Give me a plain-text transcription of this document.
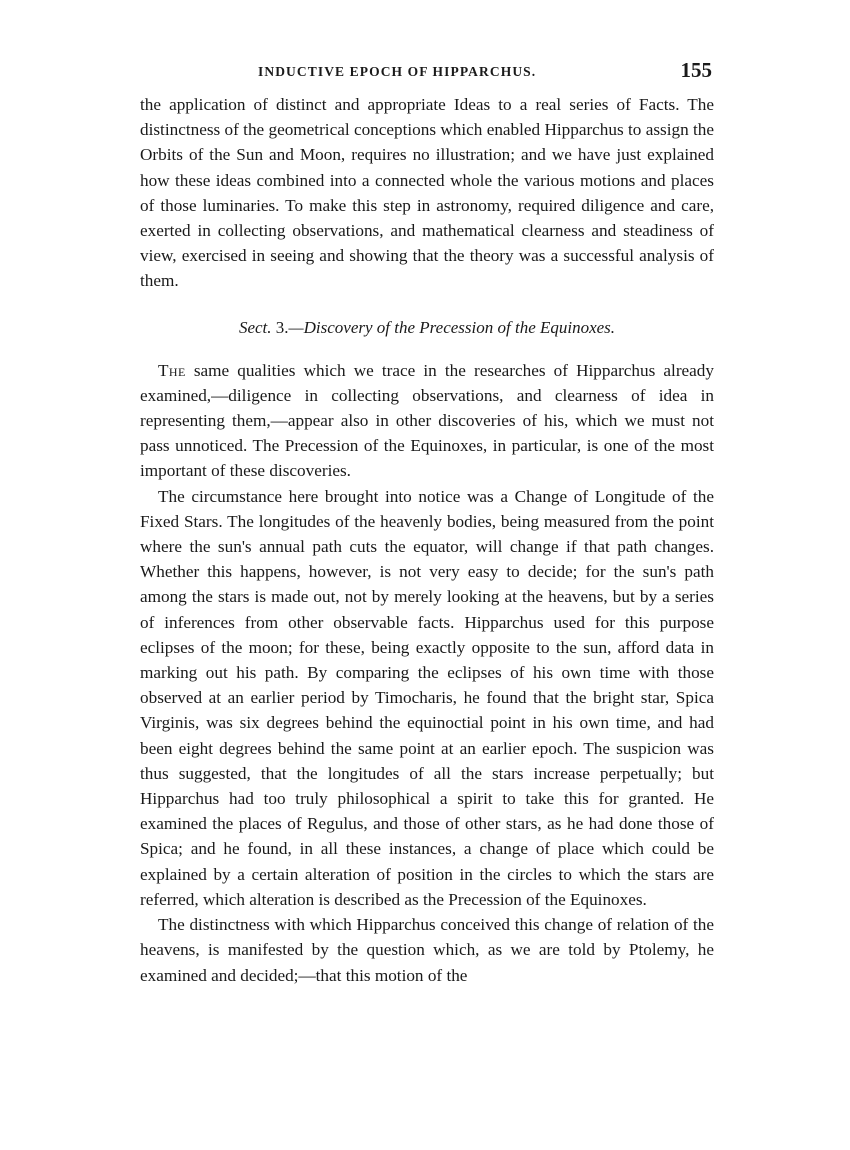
INDUCTIVE EPOCH OF HIPPARCHUS.	155

the application of distinct and appropriate Ideas to a real series of Facts. The distinctness of the geometrical conceptions which enabled Hipparchus to assign the Orbits of the Sun and Moon, requires no illustration; and we have just explained how these ideas combined into a connected whole the various motions and places of those luminaries. To make this step in astronomy, required diligence and care, exerted in collecting observations, and mathematical clearness and steadiness of view, exercised in seeing and showing that the theory was a successful analysis of them.

Sect. 3.—Discovery of the Precession of the Equinoxes.

The same qualities which we trace in the researches of Hipparchus already examined,—diligence in collecting observations, and clearness of idea in representing them,—appear also in other discoveries of his, which we must not pass unnoticed. The Precession of the Equinoxes, in particular, is one of the most important of these discoveries.

The circumstance here brought into notice was a Change of Longitude of the Fixed Stars. The longitudes of the heavenly bodies, being measured from the point where the sun's annual path cuts the equator, will change if that path changes. Whether this happens, however, is not very easy to decide; for the sun's path among the stars is made out, not by merely looking at the heavens, but by a series of inferences from other observable facts. Hipparchus used for this purpose eclipses of the moon; for these, being exactly opposite to the sun, afford data in marking out his path. By comparing the eclipses of his own time with those observed at an earlier period by Timocharis, he found that the bright star, Spica Virginis, was six degrees behind the equinoctial point in his own time, and had been eight degrees behind the same point at an earlier epoch. The suspicion was thus suggested, that the longitudes of all the stars increase perpetually; but Hipparchus had too truly philosophical a spirit to take this for granted. He examined the places of Regulus, and those of other stars, as he had done those of Spica; and he found, in all these instances, a change of place which could be explained by a certain alteration of position in the circles to which the stars are referred, which alteration is described as the Precession of the Equinoxes.

The distinctness with which Hipparchus conceived this change of relation of the heavens, is manifested by the question which, as we are told by Ptolemy, he examined and decided;—that this motion of the
